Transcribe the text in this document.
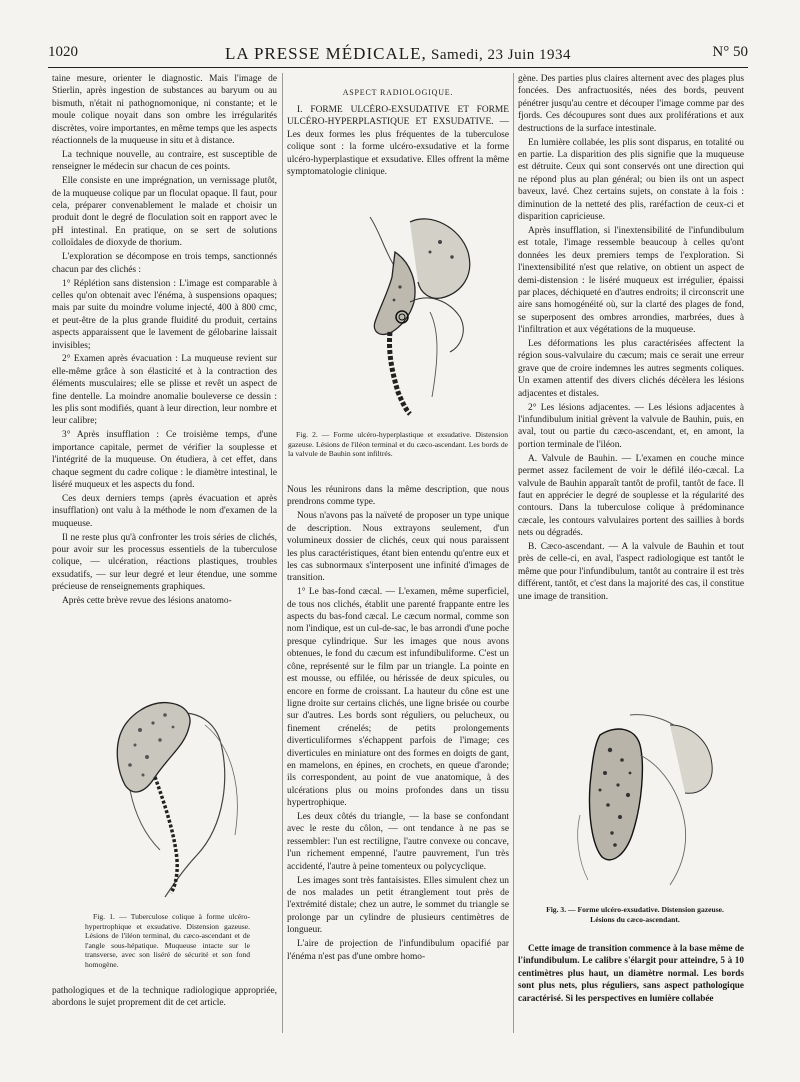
1020	LA PRESSE MÉDICALE, Samedi, 23 Juin 1934	N° 50

taine mesure, orienter le diagnostic. Mais l'image de Stierlin, après ingestion de substances au baryum ou au bismuth, n'était ni pathognomonique, ni constante; et le moule colique noyait dans son ombre les irrégularités discrètes, voire importantes, en même temps que les aspects réactionnels de la muqueuse in situ et à distance.

La technique nouvelle, au contraire, est susceptible de renseigner le médecin sur chacun de ces points.

Elle consiste en une imprégnation, un vernissage plutôt, de la muqueuse colique par un floculat opaque. Il faut, pour cela, préparer convenablement le malade et choisir un produit dont le degré de floculation soit en rapport avec le pH intestinal. En pratique, on se sert de solutions colloïdales de dioxyde de thorium.

L'exploration se décompose en trois temps, sanctionnés chacun par des clichés :

1° Réplétion sans distension : L'image est comparable à celles qu'on obtenait avec l'énéma, à suspensions opaques; mais par suite du moindre volume injecté, 400 à 800 cmc, et peut-être de la plus grande fluidité du produit, certains aspects apparaissent que le lavement de gélobarine laissait invisibles;

2° Examen après évacuation : La muqueuse revient sur elle-même grâce à son élasticité et à la contraction des éléments musculaires; elle se plisse et revêt un aspect de fine dentelle. La moindre anomalie bouleverse ce dessin : les plis sont modifiés, quant à leur direction, leur nombre et leur calibre;

3° Après insufflation : Ce troisième temps, d'une importance capitale, permet de vérifier la souplesse et l'intégrité de la muqueuse. On étudiera, à cet effet, dans chaque segment du cadre colique : le diamètre intestinal, le liséré muqueux et les aspects du fond.

Ces deux derniers temps (après évacuation et après insufflation) ont valu à la méthode le nom d'examen de la muqueuse.

Il ne reste plus qu'à confronter les trois séries de clichés, pour avoir sur les processus essentiels de la tuberculose colique, — ulcération, réactions plastiques, troubles exsudatifs, — sur leur degré et leur étendue, une somme précieuse de renseignements graphiques.

Après cette brève revue des lésions anatomo-

Fig. 1. — Tuberculose colique à forme ulcéro-hypertrophique et exsudative. Distension gazeuse. Lésions de l'iléon terminal, du cæco-ascendant et de l'angle sous-hépatique. Muqueuse intacte sur le transverse, avec son liséré de sécurité et son fond homogène.

pathologiques et de la technique radiologique appropriée, abordons le sujet proprement dit de cet article.

ASPECT RADIOLOGIQUE.

I. FORME ULCÉRO-EXSUDATIVE ET FORME ULCÉRO-HYPERPLASTIQUE ET EXSUDATIVE. — Les deux formes les plus fréquentes de la tuberculose colique sont : la forme ulcéro-exsudative et la forme ulcéro-hyperplastique et exsudative. Elles offrent la même symptomatologie clinique.

Fig. 2. — Forme ulcéro-hyperplastique et exsudative. Distension gazeuse. Lésions de l'iléon terminal et du cæco-ascendant. Les bords de la valvule de Bauhin sont infiltrés.

Nous les réunirons dans la même description, que nous prendrons comme type.

Nous n'avons pas la naïveté de proposer un type unique de description. Nous extrayons seulement, d'un volumineux dossier de clichés, ceux qui nous paraissent les plus caractéristiques, étant bien entendu qu'entre eux et les cas subnormaux s'interposent une infinité d'images de transition.

1° Le bas-fond cæcal. — L'examen, même superficiel, de tous nos clichés, établit une parenté frappante entre les aspects du bas-fond cæcal. Le cæcum normal, comme son nom l'indique, est un cul-de-sac, le bas arrondi d'une poche presque cylindrique. Sur les images que nous avons obtenues, le fond du cæcum est infundibuliforme. C'est un cône, représenté sur le film par un triangle. La pointe en est mousse, ou effilée, ou hérissée de deux spicules, ou encore en forme de croissant. La hauteur du cône est une ligne droite sur certains clichés, une ligne brisée ou courbe sur d'autres. Les bords sont réguliers, ou pelucheux, ou finement crénelés; de petits prolongements diverticuliformes s'échappent parfois de l'image; ces diverticules en miniature ont des formes en doigts de gant, en mamelons, en épines, en crochets, en queue d'aronde; ils correspondent, au point de vue anatomique, à des ulcérations plus ou moins profondes dans un tissu hypertrophique.

Les deux côtés du triangle, — la base se confondant avec le reste du côlon, — ont tendance à ne pas se ressembler: l'un est rectiligne, l'autre convexe ou concave, l'un richement empenné, l'autre pauvrement, l'un très accidenté, l'autre à peine tomenteux ou polycyclique.

Les images sont très fantaisistes. Elles simulent chez un de nos malades un petit étranglement tout près de l'extrémité distale; chez un autre, le sommet du triangle se prolonge par un cylindre de plusieurs centimètres de longueur.

L'aire de projection de l'infundibulum opacifié par l'énéma n'est pas d'une ombre homo-

gène. Des parties plus claires alternent avec des plages plus foncées. Des anfractuosités, nées des bords, peuvent pénétrer jusqu'au centre et découper l'image comme par des fjords. Ces découpures sont dues aux proliférations et aux destructions de la surface intestinale.

En lumière collabée, les plis sont disparus, en totalité ou en partie. La disparition des plis signifie que la muqueuse est détruite. Ceux qui sont conservés ont une direction qui ne répond plus au plan général; ou bien ils ont un aspect baveux, lavé. Chez certains sujets, on constate à la fois : diminution de la netteté des plis, raréfaction de ceux-ci et disparition capricieuse.

Après insufflation, si l'inextensibilité de l'infundibulum est totale, l'image ressemble beaucoup à celles qu'ont données les deux premiers temps de l'exploration. Si l'inextensibilité n'est que relative, on obtient un aspect de demi-distension : le liséré muqueux est irrégulier, épaissi par places, déchiqueté en d'autres endroits; il circonscrit une aire sans homogénéité où, sur la clarté des plages de fond, se superposent des ombres arrondies, marbrées, dues à l'infiltration et aux végétations de la muqueuse.

Les déformations les plus caractérisées affectent la région sous-valvulaire du cæcum; mais ce serait une erreur grave que de croire indemnes les autres segments coliques. Un examen attentif des divers clichés décèlera les lésions adjacentes et distales.

2° Les lésions adjacentes. — Les lésions adjacentes à l'infundibulum initial grèvent la valvule de Bauhin, puis, en aval, tout ou partie du cæco-ascendant, et, en amont, la portion terminale de l'iléon.

A. Valvule de Bauhin. — L'examen en couche mince permet assez facilement de voir le défilé iléo-cæcal. La valvule de Bauhin apparaît tantôt de profil, tantôt de face. Il faut en apprécier le degré de souplesse et la régularité des contours. Dans la tuberculose colique à prédominance cæcale, les contours valvulaires portent des saillies à bords nets ou dégradés.

B. Cæco-ascendant. — A la valvule de Bauhin et tout près de celle-ci, en aval, l'aspect radiologique est tantôt le même que pour l'infundibulum, tantôt au contraire il est très différent, tantôt, et c'est dans la majorité des cas, il constitue une image de transition.

Fig. 3. — Forme ulcéro-exsudative. Distension gazeuse. Lésions du cæco-ascendant.

Cette image de transition commence à la base même de l'infundibulum. Le calibre s'élargit pour atteindre, 5 à 10 centimètres plus haut, un diamètre normal. Les bords sont plus nets, plus réguliers, sans aspect pathologique caractérisé. Si les perspectives en lumière collabée
